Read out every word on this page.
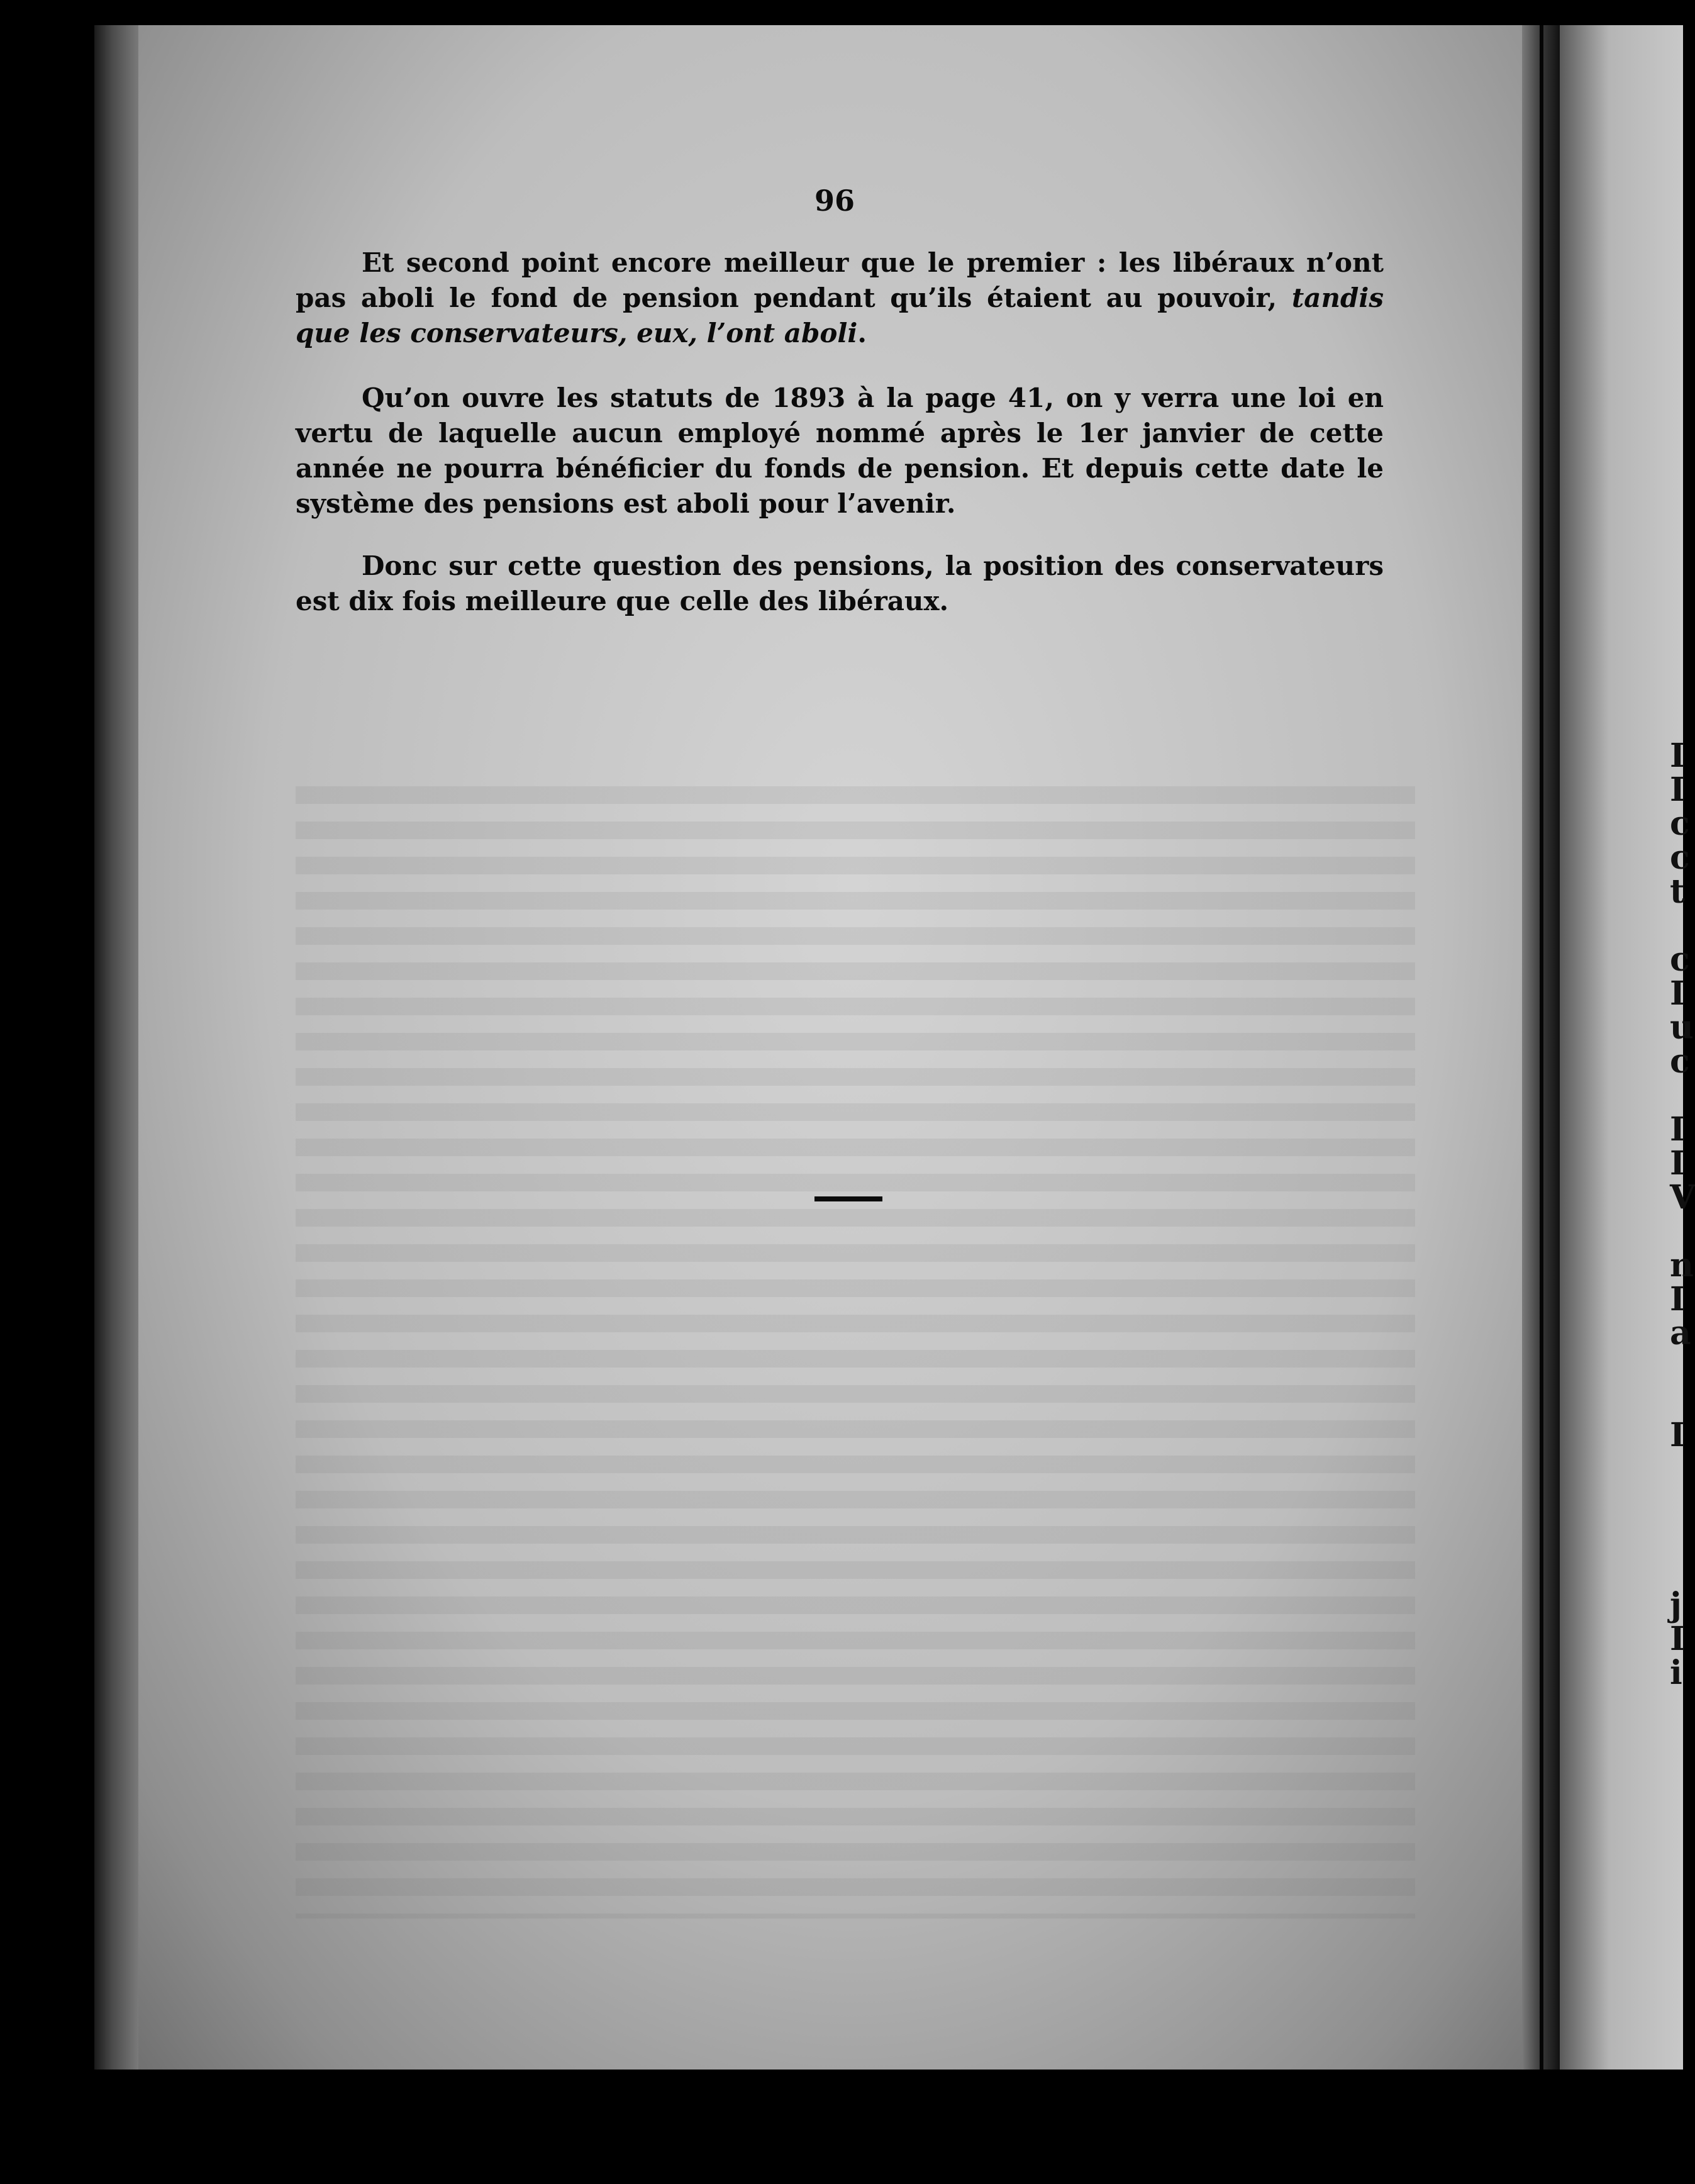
I
I
c
c
t

c
I
u
c

I
I
V

n
I
a

I

j
I
i
96

Et second point encore meilleur que le premier : les libéraux n’ont pas aboli le fond de pension pendant qu’ils étaient au pouvoir, tandis que les conservateurs, eux, l’ont aboli.

Qu’on ouvre les statuts de 1893 à la page 41, on y verra une loi en vertu de laquelle aucun employé nommé après le 1er janvier de cette année ne pourra bénéficier du fonds de pension. Et depuis cette date le système des pensions est aboli pour l’avenir.

Donc sur cette question des pensions, la position des conservateurs est dix fois meilleure que celle des libéraux.
